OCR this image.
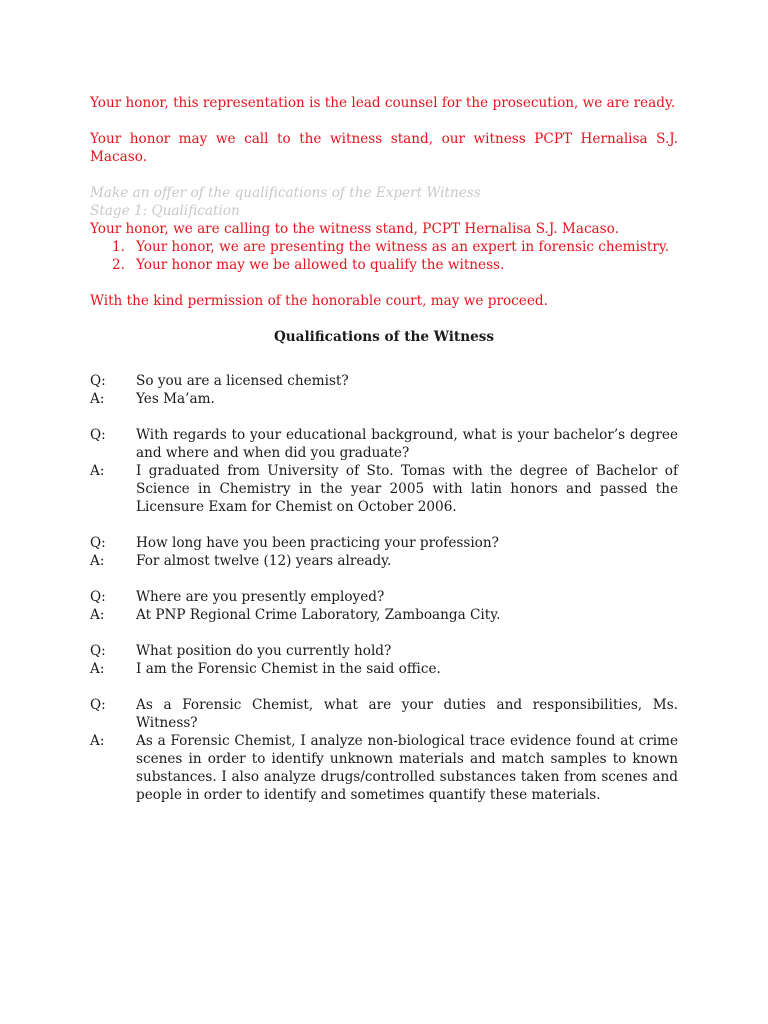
Your honor, this representation is the lead counsel for the prosecution, we are ready.

Your honor may we call to the witness stand, our witness PCPT Hernalisa S.J. Macaso.

Make an offer of the qualifications of the Expert Witness

Stage 1: Qualification

Your honor, we are calling to the witness stand, PCPT Hernalisa S.J. Macaso.

1. Your honor, we are presenting the witness as an expert in forensic chemistry.
2. Your honor may we be allowed to qualify the witness.

With the kind permission of the honorable court, may we proceed.

Qualifications of the Witness
Q:	So you are a licensed chemist?
A:	Yes Ma’am.
Q:	With regards to your educational background, what is your bachelor’s degree and where and when did you graduate?
A:	I graduated from University of Sto. Tomas with the degree of Bachelor of Science in Chemistry in the year 2005 with latin honors and passed the Licensure Exam for Chemist on October 2006.
Q:	How long have you been practicing your profession?
A:	For almost twelve (12) years already.
Q:	Where are you presently employed?
A:	At PNP Regional Crime Laboratory, Zamboanga City.
Q:	What position do you currently hold?
A:	I am the Forensic Chemist in the said office.
Q:	As a Forensic Chemist, what are your duties and responsibilities, Ms. Witness?
A:	As a Forensic Chemist, I analyze non-biological trace evidence found at crime scenes in order to identify unknown materials and match samples to known substances. I also analyze drugs/controlled substances taken from scenes and people in order to identify and sometimes quantify these materials.
